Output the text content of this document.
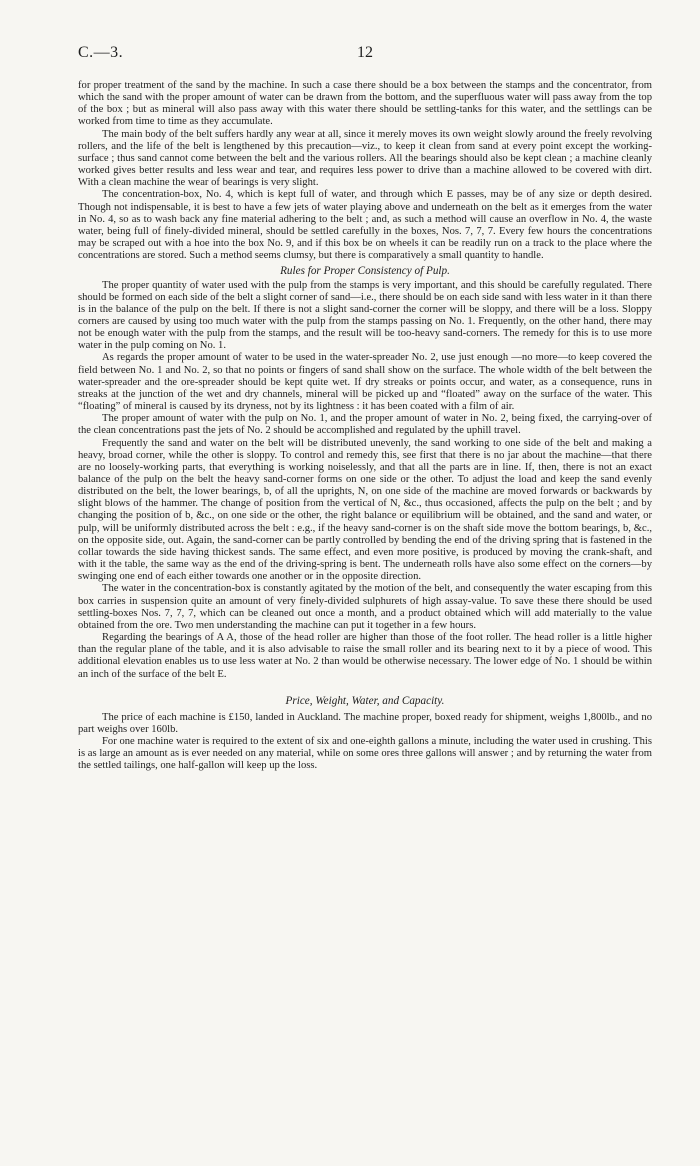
C.—3.	12

for proper treatment of the sand by the machine. In such a case there should be a box between the stamps and the concentrator, from which the sand with the proper amount of water can be drawn from the bottom, and the superfluous water will pass away from the top of the box ; but as mineral will also pass away with this water there should be settling-tanks for this water, and the settlings can be worked from time to time as they accumulate.

The main body of the belt suffers hardly any wear at all, since it merely moves its own weight slowly around the freely revolving rollers, and the life of the belt is lengthened by this precaution—viz., to keep it clean from sand at every point except the working-surface ; thus sand cannot come between the belt and the various rollers. All the bearings should also be kept clean ; a machine cleanly worked gives better results and less wear and tear, and requires less power to drive than a machine allowed to be covered with dirt. With a clean machine the wear of bearings is very slight.

The concentration-box, No. 4, which is kept full of water, and through which E passes, may be of any size or depth desired. Though not indispensable, it is best to have a few jets of water playing above and underneath on the belt as it emerges from the water in No. 4, so as to wash back any fine material adhering to the belt ; and, as such a method will cause an overflow in No. 4, the waste water, being full of finely-divided mineral, should be settled carefully in the boxes, Nos. 7, 7, 7. Every few hours the concentrations may be scraped out with a hoe into the box No. 9, and if this box be on wheels it can be readily run on a track to the place where the concentrations are stored. Such a method seems clumsy, but there is comparatively a small quantity to handle.

Rules for Proper Consistency of Pulp.

The proper quantity of water used with the pulp from the stamps is very important, and this should be carefully regulated. There should be formed on each side of the belt a slight corner of sand—i.e., there should be on each side sand with less water in it than there is in the balance of the pulp on the belt. If there is not a slight sand-corner the corner will be sloppy, and there will be a loss. Sloppy corners are caused by using too much water with the pulp from the stamps passing on No. 1. Frequently, on the other hand, there may not be enough water with the pulp from the stamps, and the result will be too-heavy sand-corners. The remedy for this is to use more water in the pulp coming on No. 1.

As regards the proper amount of water to be used in the water-spreader No. 2, use just enough —no more—to keep covered the field between No. 1 and No. 2, so that no points or fingers of sand shall show on the surface. The whole width of the belt between the water-spreader and the ore-spreader should be kept quite wet. If dry streaks or points occur, and water, as a consequence, runs in streaks at the junction of the wet and dry channels, mineral will be picked up and “floated” away on the surface of the water. This “floating” of mineral is caused by its dryness, not by its lightness : it has been coated with a film of air.

The proper amount of water with the pulp on No. 1, and the proper amount of water in No. 2, being fixed, the carrying-over of the clean concentrations past the jets of No. 2 should be accomplished and regulated by the uphill travel.

Frequently the sand and water on the belt will be distributed unevenly, the sand working to one side of the belt and making a heavy, broad corner, while the other is sloppy. To control and remedy this, see first that there is no jar about the machine—that there are no loosely-working parts, that everything is working noiselessly, and that all the parts are in line. If, then, there is not an exact balance of the pulp on the belt the heavy sand-corner forms on one side or the other. To adjust the load and keep the sand evenly distributed on the belt, the lower bearings, b, of all the uprights, N, on one side of the machine are moved forwards or backwards by slight blows of the hammer. The change of position from the vertical of N, &c., thus occasioned, affects the pulp on the belt ; and by changing the position of b, &c., on one side or the other, the right balance or equilibrium will be obtained, and the sand and water, or pulp, will be uniformly distributed across the belt : e.g., if the heavy sand-corner is on the shaft side move the bottom bearings, b, &c., on the opposite side, out. Again, the sand-corner can be partly controlled by bending the end of the driving spring that is fastened in the collar towards the side having thickest sands. The same effect, and even more positive, is produced by moving the crank-shaft, and with it the table, the same way as the end of the driving-spring is bent. The underneath rolls have also some effect on the corners—by swinging one end of each either towards one another or in the opposite direction.

The water in the concentration-box is constantly agitated by the motion of the belt, and consequently the water escaping from this box carries in suspension quite an amount of very finely-divided sulphurets of high assay-value. To save these there should be used settling-boxes Nos. 7, 7, 7, which can be cleaned out once a month, and a product obtained which will add materially to the value obtained from the ore. Two men understanding the machine can put it together in a few hours.

Regarding the bearings of A A, those of the head roller are higher than those of the foot roller. The head roller is a little higher than the regular plane of the table, and it is also advisable to raise the small roller and its bearing next to it by a piece of wood. This additional elevation enables us to use less water at No. 2 than would be otherwise necessary. The lower edge of No. 1 should be within an inch of the surface of the belt E.

Price, Weight, Water, and Capacity.

The price of each machine is £150, landed in Auckland. The machine proper, boxed ready for shipment, weighs 1,800lb., and no part weighs over 160lb.

For one machine water is required to the extent of six and one-eighth gallons a minute, including the water used in crushing. This is as large an amount as is ever needed on any material, while on some ores three gallons will answer ; and by returning the water from the settled tailings, one half-gallon will keep up the loss.
